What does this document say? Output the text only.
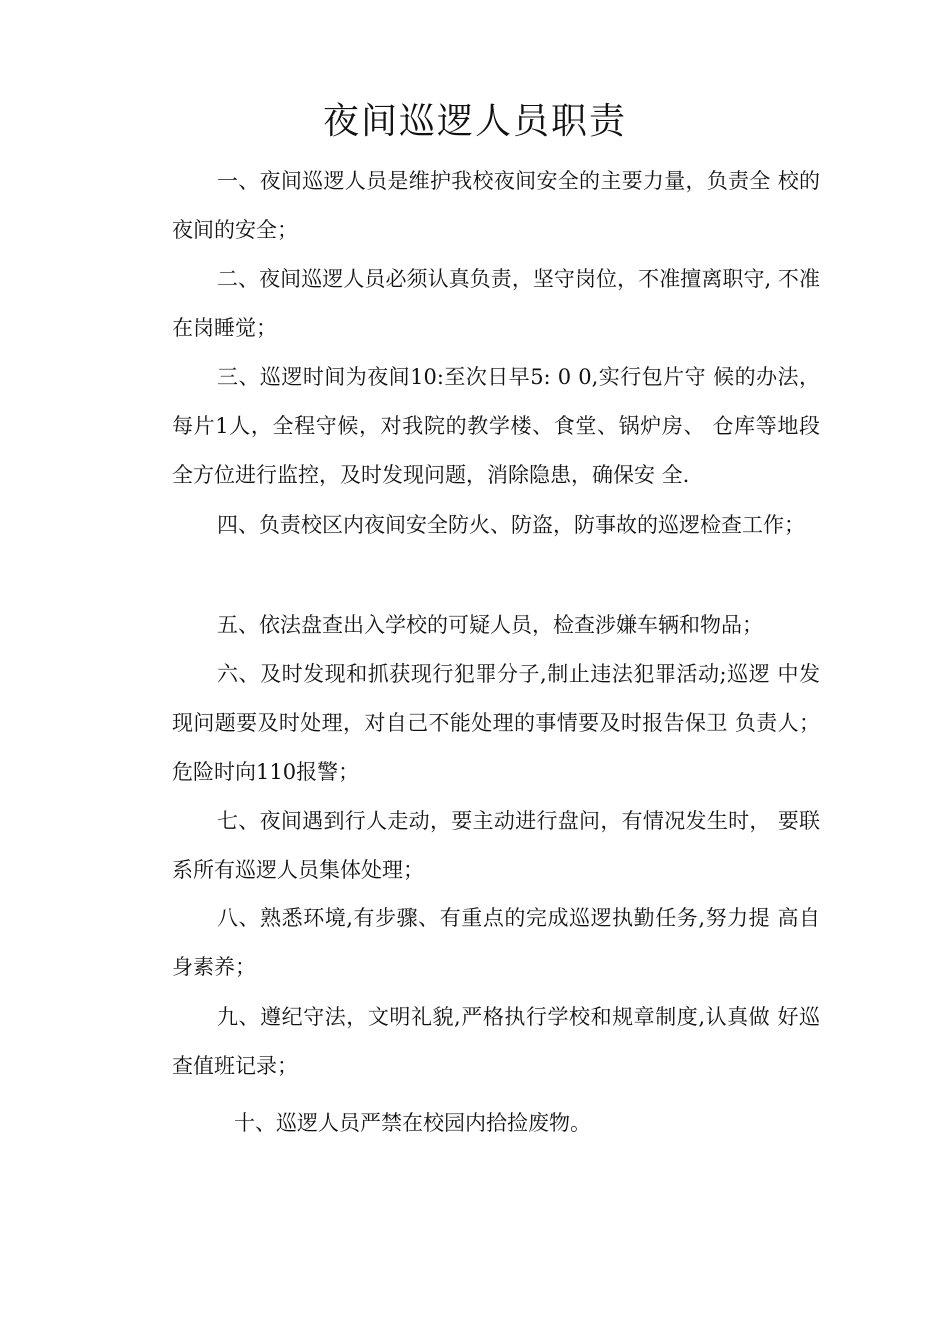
夜间巡逻人员职责

一、夜间巡逻人员是维护我校夜间安全的主要力量，负责全 校的夜间的安全；

二、夜间巡逻人员必须认真负责，坚守岗位，不准擅离职守, 不准在岗睡觉；

三、巡逻时间为夜间10:至次日早5: 0 0,实行包片守 候的办法，每片1人，全程守候，对我院的教学楼、食堂、锅炉房、 仓库等地段全方位进行监控，及时发现问题，消除隐患，确保安 全.

四、负责校区内夜间安全防火、防盗，防事故的巡逻检查工作；

五、依法盘查出入学校的可疑人员，检查涉嫌车辆和物品；

六、及时发现和抓获现行犯罪分子,制止违法犯罪活动;巡逻 中发现问题要及时处理，对自己不能处理的事情要及时报告保卫 负责人；危险时向110报警；

七、夜间遇到行人走动，要主动进行盘问，有情况发生时， 要联系所有巡逻人员集体处理；

八、熟悉环境,有步骤、有重点的完成巡逻执勤任务,努力提 高自身素养；

九、遵纪守法，文明礼貌,严格执行学校和规章制度,认真做 好巡查值班记录；

十、巡逻人员严禁在校园内拾捡废物。
